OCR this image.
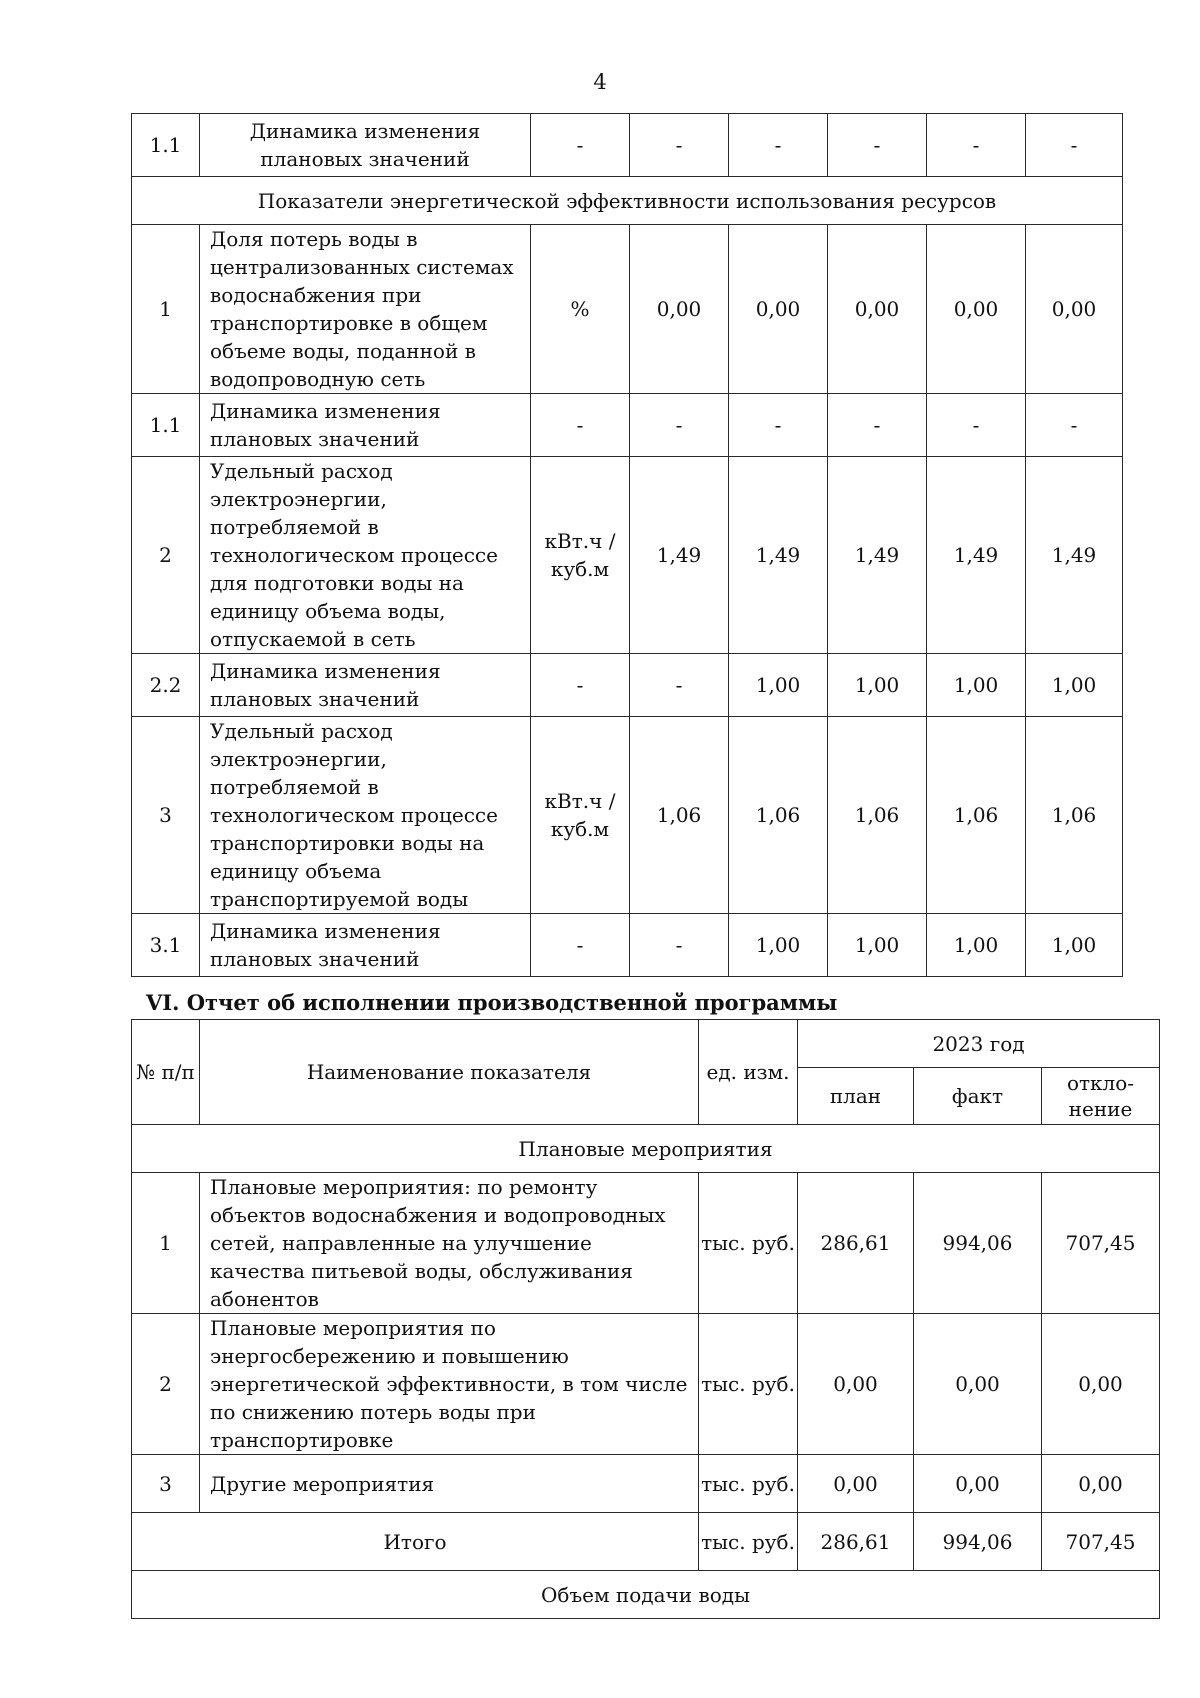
4
1.1	Динамика изменения плановых значений	-	-	-	-	-	-
Показатели энергетической эффективности использования ресурсов							
1	Доля потерь воды в централизованных системах водоснабжения при транспортировке в общем объеме воды, поданной в водопроводную сеть	%	0,00	0,00	0,00	0,00	0,00
1.1	Динамика изменения плановых значений	-	-	-	-	-	-
2	Удельный расход электроэнергии, потребляемой в технологическом процессе для подготовки воды на единицу объема воды, отпускаемой в сеть	кВт.ч / куб.м	1,49	1,49	1,49	1,49	1,49
2.2	Динамика изменения плановых значений	-	-	1,00	1,00	1,00	1,00
3	Удельный расход электроэнергии, потребляемой в технологическом процессе транспортировки воды на единицу объема транспортируемой воды	кВт.ч / куб.м	1,06	1,06	1,06	1,06	1,06
3.1	Динамика изменения плановых значений	-	-	1,00	1,00	1,00	1,00
VI. Отчет об исполнении производственной программы
№ п/п	Наименование показателя	ед. изм.	2023 год		
			план	факт	откло-нение
Плановые мероприятия					
1	Плановые мероприятия: по ремонту объектов водоснабжения и водопроводных сетей, направленные на улучшение качества питьевой воды, обслуживания абонентов	тыс. руб.	286,61	994,06	707,45
2	Плановые мероприятия по энергосбережению и повышению энергетической эффективности, в том числе по снижению потерь воды при транспортировке	тыс. руб.	0,00	0,00	0,00
3	Другие мероприятия	тыс. руб.	0,00	0,00	0,00
Итого		тыс. руб.	286,61	994,06	707,45
Объем подачи воды					
